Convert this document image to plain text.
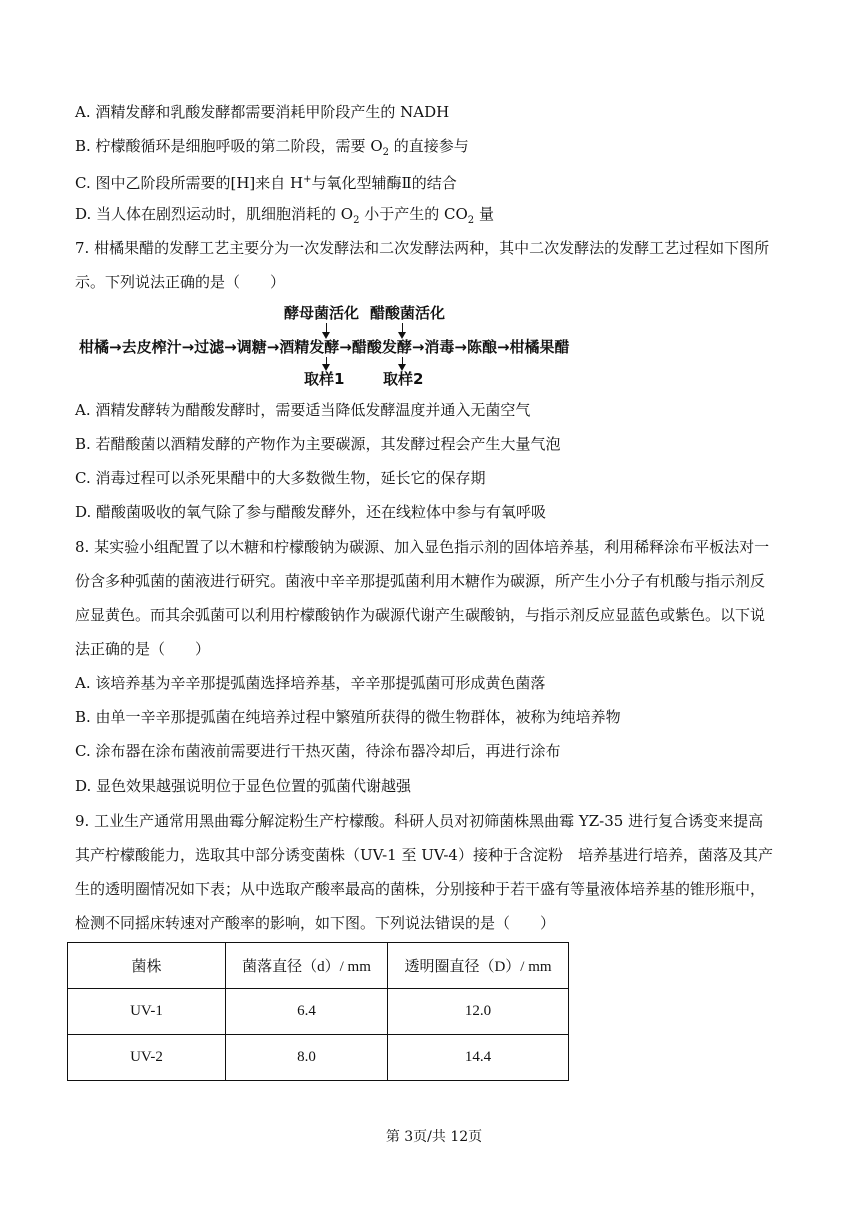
A. 酒精发酵和乳酸发酵都需要消耗甲阶段产生的 NADH
B. 柠檬酸循环是细胞呼吸的第二阶段，需要 $O_2$ 的直接参与
C. 图中乙阶段所需要的[H]来自 H+与氧化型辅酶Ⅱ的结合
D. 当人体在剧烈运动时，肌细胞消耗的 $O_2$ 小于产生的 $CO_2$ 量
7. 柑橘果醋的发酵工艺主要分为一次发酵法和二次发酵法两种，其中二次发酵法的发酵工艺过程如下图所
示。下列说法正确的是（　　）
酵母菌活化 醋酸菌活化
柑橘→去皮榨汁→过滤→调糖→酒精发酵→醋酸发酵→消毒→陈酿→柑橘果醋
取样1	取样2
A. 酒精发酵转为醋酸发酵时，需要适当降低发酵温度并通入无菌空气
B. 若醋酸菌以酒精发酵的产物作为主要碳源，其发酵过程会产生大量气泡
C. 消毒过程可以杀死果醋中的大多数微生物，延长它的保存期
D. 醋酸菌吸收的氧气除了参与醋酸发酵外，还在线粒体中参与有氧呼吸
8. 某实验小组配置了以木糖和柠檬酸钠为碳源、加入显色指示剂的固体培养基，利用稀释涂布平板法对一
份含多种弧菌的菌液进行研究。菌液中辛辛那提弧菌利用木糖作为碳源，所产生小分子有机酸与指示剂反
应显黄色。而其余弧菌可以利用柠檬酸钠作为碳源代谢产生碳酸钠，与指示剂反应显蓝色或紫色。以下说
法正确的是（　　）
A. 该培养基为辛辛那提弧菌选择培养基，辛辛那提弧菌可形成黄色菌落
B. 由单一辛辛那提弧菌在纯培养过程中繁殖所获得的微生物群体，被称为纯培养物
C. 涂布器在涂布菌液前需要进行干热灭菌，待涂布器冷却后，再进行涂布
D. 显色效果越强说明位于显色位置的弧菌代谢越强
9. 工业生产通常用黑曲霉分解淀粉生产柠檬酸。科研人员对初筛菌株黑曲霉 YZ-35 进行复合诱变来提高
其产柠檬酸能力，选取其中部分诱变菌株（UV-1 至 UV-4）接种于含淀粉　培养基进行培养，菌落及其产
生的透明圈情况如下表；从中选取产酸率最高的菌株，分别接种于若干盛有等量液体培养基的锥形瓶中，
检测不同摇床转速对产酸率的影响，如下图。下列说法错误的是（　　）
菌株	菌落直径（d）/ mm	透明圈直径（D）/ mm
UV-1	6.4	12.0
UV-2	8.0	14.4
第 3页/共 12页
